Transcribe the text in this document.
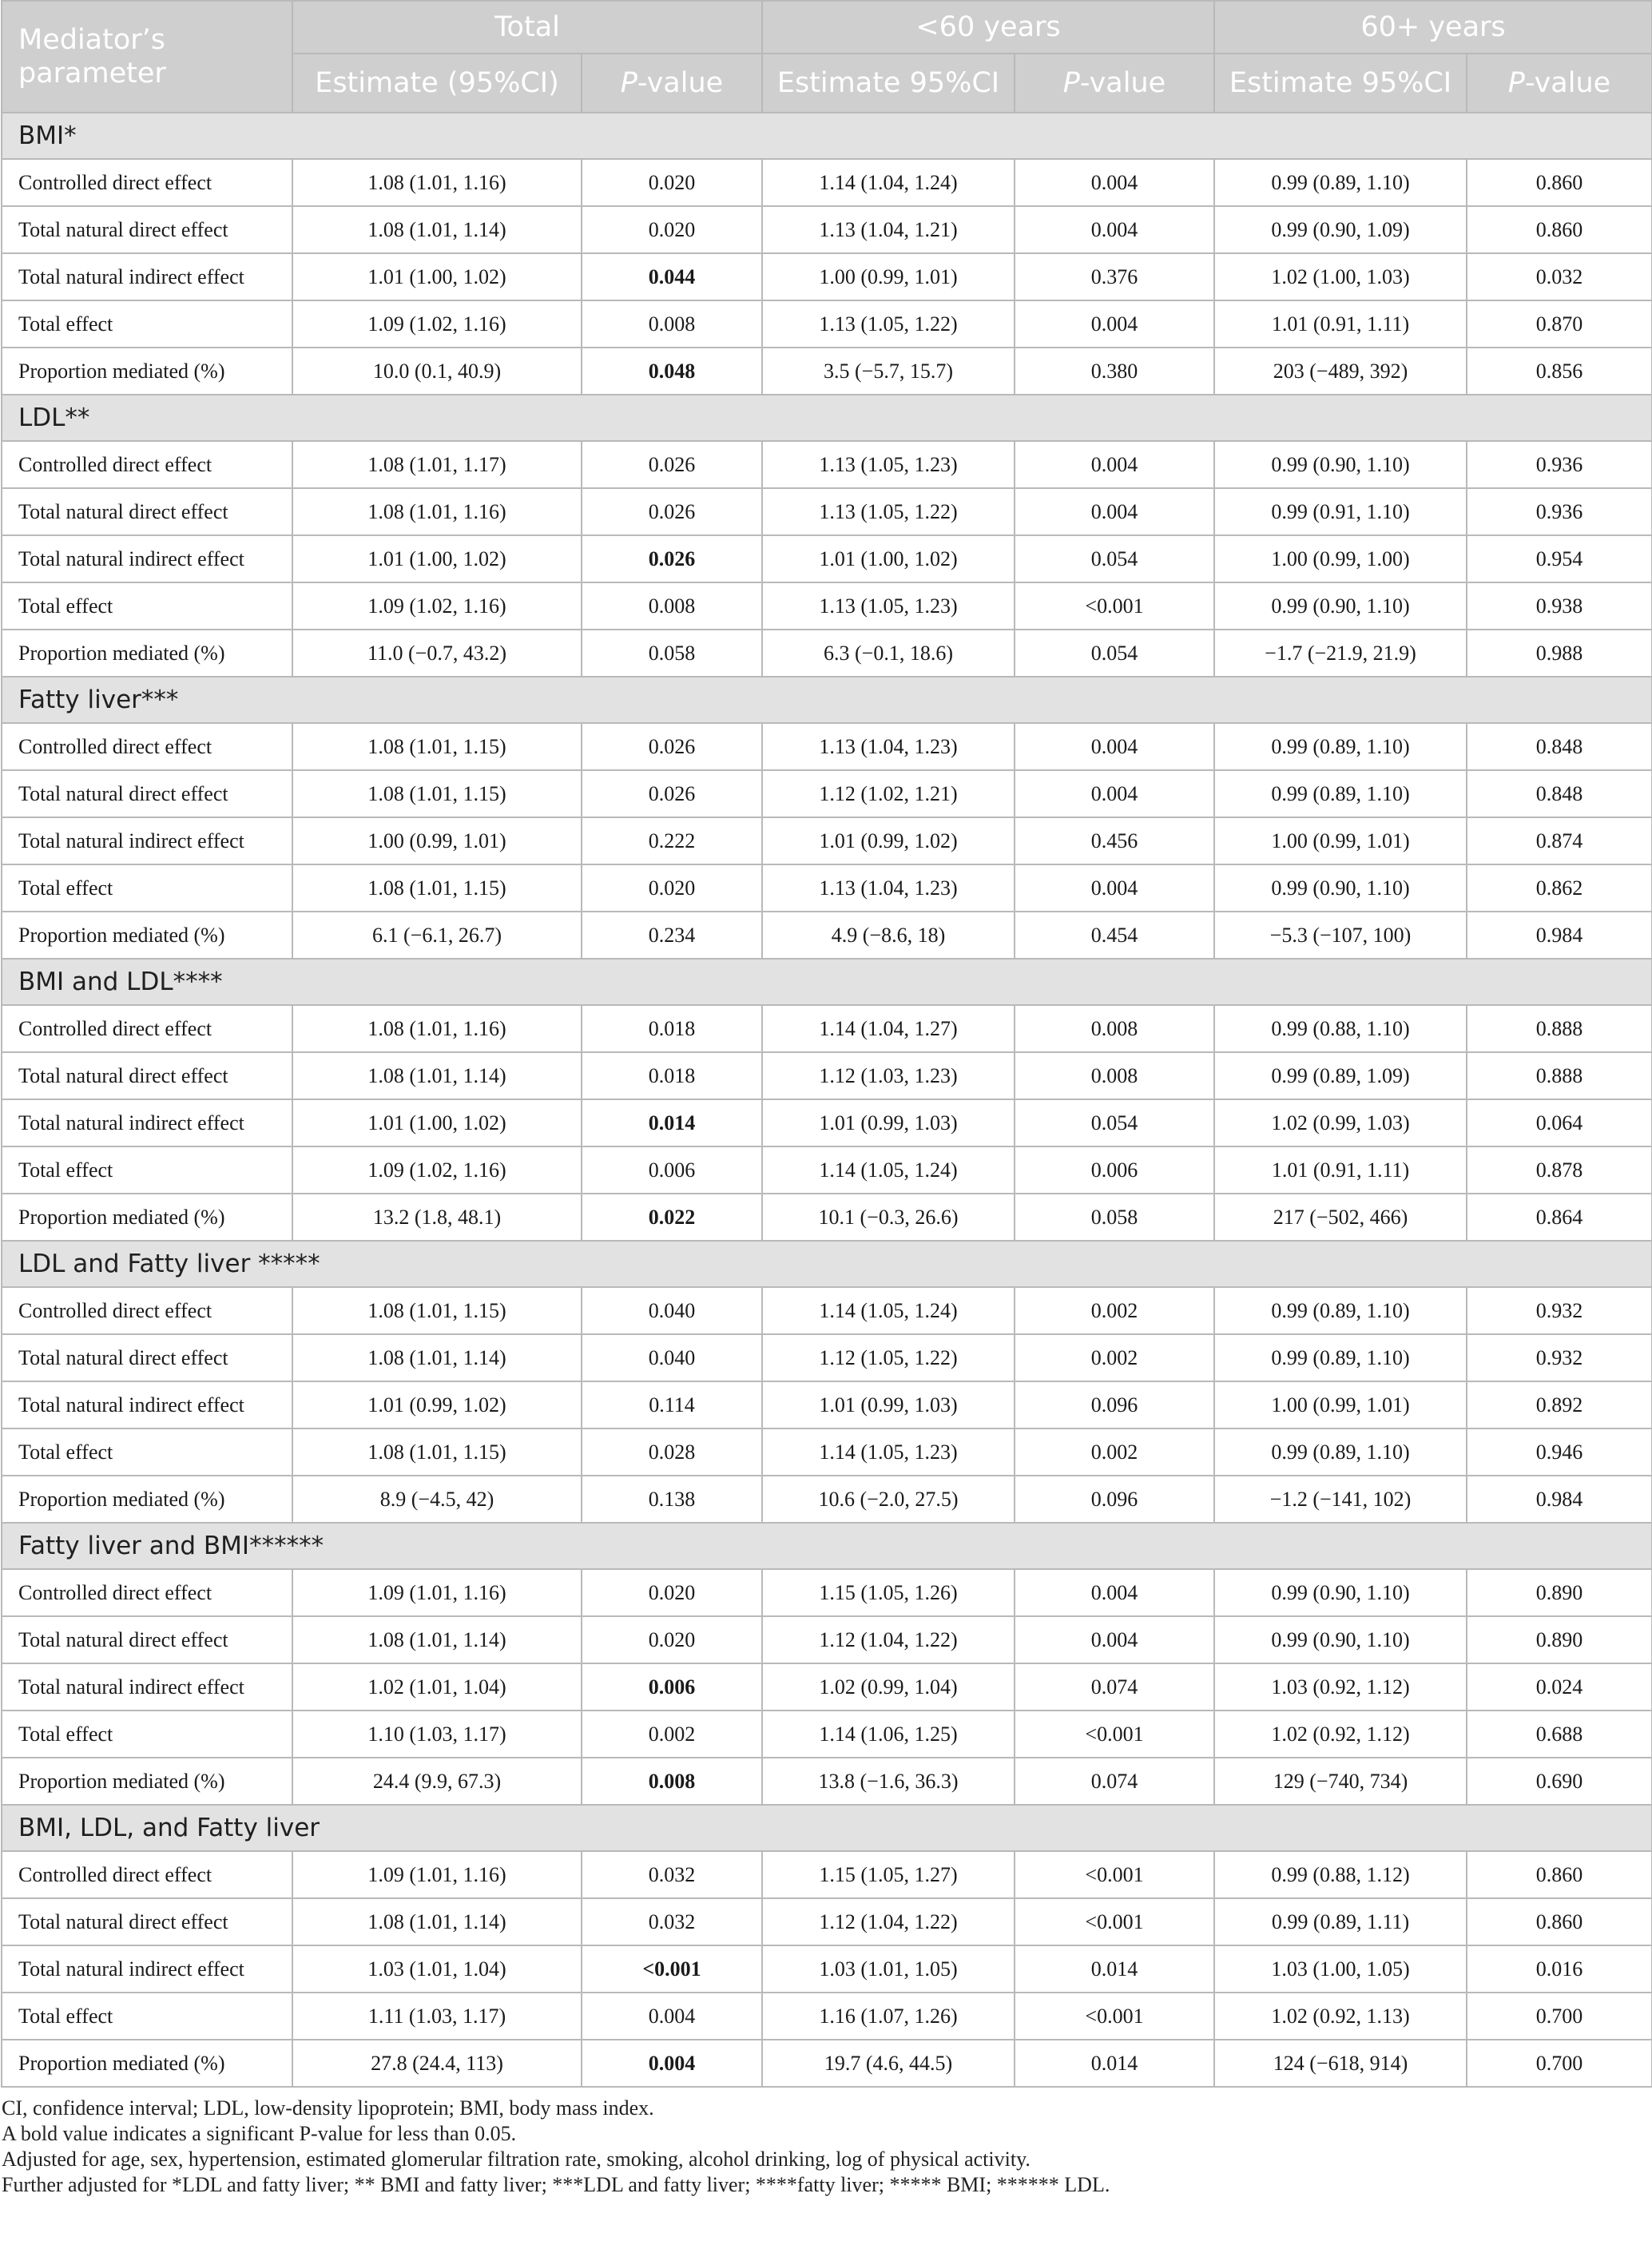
Mediator’s parameter	Total		<60 years		60+ years	
	Estimate (95%CI)	P-value	Estimate 95%CI	P-value	Estimate 95%CI	P-value
BMI*						
Controlled direct effect	1.08 (1.01, 1.16)	0.020	1.14 (1.04, 1.24)	0.004	0.99 (0.89, 1.10)	0.860
Total natural direct effect	1.08 (1.01, 1.14)	0.020	1.13 (1.04, 1.21)	0.004	0.99 (0.90, 1.09)	0.860
Total natural indirect effect	1.01 (1.00, 1.02)	0.044	1.00 (0.99, 1.01)	0.376	1.02 (1.00, 1.03)	0.032
Total effect	1.09 (1.02, 1.16)	0.008	1.13 (1.05, 1.22)	0.004	1.01 (0.91, 1.11)	0.870
Proportion mediated (%)	10.0 (0.1, 40.9)	0.048	3.5 (−5.7, 15.7)	0.380	203 (−489, 392)	0.856
LDL**						
Controlled direct effect	1.08 (1.01, 1.17)	0.026	1.13 (1.05, 1.23)	0.004	0.99 (0.90, 1.10)	0.936
Total natural direct effect	1.08 (1.01, 1.16)	0.026	1.13 (1.05, 1.22)	0.004	0.99 (0.91, 1.10)	0.936
Total natural indirect effect	1.01 (1.00, 1.02)	0.026	1.01 (1.00, 1.02)	0.054	1.00 (0.99, 1.00)	0.954
Total effect	1.09 (1.02, 1.16)	0.008	1.13 (1.05, 1.23)	<0.001	0.99 (0.90, 1.10)	0.938
Proportion mediated (%)	11.0 (−0.7, 43.2)	0.058	6.3 (−0.1, 18.6)	0.054	−1.7 (−21.9, 21.9)	0.988
Fatty liver***						
Controlled direct effect	1.08 (1.01, 1.15)	0.026	1.13 (1.04, 1.23)	0.004	0.99 (0.89, 1.10)	0.848
Total natural direct effect	1.08 (1.01, 1.15)	0.026	1.12 (1.02, 1.21)	0.004	0.99 (0.89, 1.10)	0.848
Total natural indirect effect	1.00 (0.99, 1.01)	0.222	1.01 (0.99, 1.02)	0.456	1.00 (0.99, 1.01)	0.874
Total effect	1.08 (1.01, 1.15)	0.020	1.13 (1.04, 1.23)	0.004	0.99 (0.90, 1.10)	0.862
Proportion mediated (%)	6.1 (−6.1, 26.7)	0.234	4.9 (−8.6, 18)	0.454	−5.3 (−107, 100)	0.984
BMI and LDL****						
Controlled direct effect	1.08 (1.01, 1.16)	0.018	1.14 (1.04, 1.27)	0.008	0.99 (0.88, 1.10)	0.888
Total natural direct effect	1.08 (1.01, 1.14)	0.018	1.12 (1.03, 1.23)	0.008	0.99 (0.89, 1.09)	0.888
Total natural indirect effect	1.01 (1.00, 1.02)	0.014	1.01 (0.99, 1.03)	0.054	1.02 (0.99, 1.03)	0.064
Total effect	1.09 (1.02, 1.16)	0.006	1.14 (1.05, 1.24)	0.006	1.01 (0.91, 1.11)	0.878
Proportion mediated (%)	13.2 (1.8, 48.1)	0.022	10.1 (−0.3, 26.6)	0.058	217 (−502, 466)	0.864
LDL and Fatty liver *****						
Controlled direct effect	1.08 (1.01, 1.15)	0.040	1.14 (1.05, 1.24)	0.002	0.99 (0.89, 1.10)	0.932
Total natural direct effect	1.08 (1.01, 1.14)	0.040	1.12 (1.05, 1.22)	0.002	0.99 (0.89, 1.10)	0.932
Total natural indirect effect	1.01 (0.99, 1.02)	0.114	1.01 (0.99, 1.03)	0.096	1.00 (0.99, 1.01)	0.892
Total effect	1.08 (1.01, 1.15)	0.028	1.14 (1.05, 1.23)	0.002	0.99 (0.89, 1.10)	0.946
Proportion mediated (%)	8.9 (−4.5, 42)	0.138	10.6 (−2.0, 27.5)	0.096	−1.2 (−141, 102)	0.984
Fatty liver and BMI******						
Controlled direct effect	1.09 (1.01, 1.16)	0.020	1.15 (1.05, 1.26)	0.004	0.99 (0.90, 1.10)	0.890
Total natural direct effect	1.08 (1.01, 1.14)	0.020	1.12 (1.04, 1.22)	0.004	0.99 (0.90, 1.10)	0.890
Total natural indirect effect	1.02 (1.01, 1.04)	0.006	1.02 (0.99, 1.04)	0.074	1.03 (0.92, 1.12)	0.024
Total effect	1.10 (1.03, 1.17)	0.002	1.14 (1.06, 1.25)	<0.001	1.02 (0.92, 1.12)	0.688
Proportion mediated (%)	24.4 (9.9, 67.3)	0.008	13.8 (−1.6, 36.3)	0.074	129 (−740, 734)	0.690
BMI, LDL, and Fatty liver						
Controlled direct effect	1.09 (1.01, 1.16)	0.032	1.15 (1.05, 1.27)	<0.001	0.99 (0.88, 1.12)	0.860
Total natural direct effect	1.08 (1.01, 1.14)	0.032	1.12 (1.04, 1.22)	<0.001	0.99 (0.89, 1.11)	0.860
Total natural indirect effect	1.03 (1.01, 1.04)	<0.001	1.03 (1.01, 1.05)	0.014	1.03 (1.00, 1.05)	0.016
Total effect	1.11 (1.03, 1.17)	0.004	1.16 (1.07, 1.26)	<0.001	1.02 (0.92, 1.13)	0.700
Proportion mediated (%)	27.8 (24.4, 113)	0.004	19.7 (4.6, 44.5)	0.014	124 (−618, 914)	0.700
CI, confidence interval; LDL, low-density lipoprotein; BMI, body mass index.
A bold value indicates a significant P-value for less than 0.05.
Adjusted for age, sex, hypertension, estimated glomerular filtration rate, smoking, alcohol drinking, log of physical activity.
Further adjusted for *LDL and fatty liver; ** BMI and fatty liver; ***LDL and fatty liver; ****fatty liver; ***** BMI; ****** LDL.
